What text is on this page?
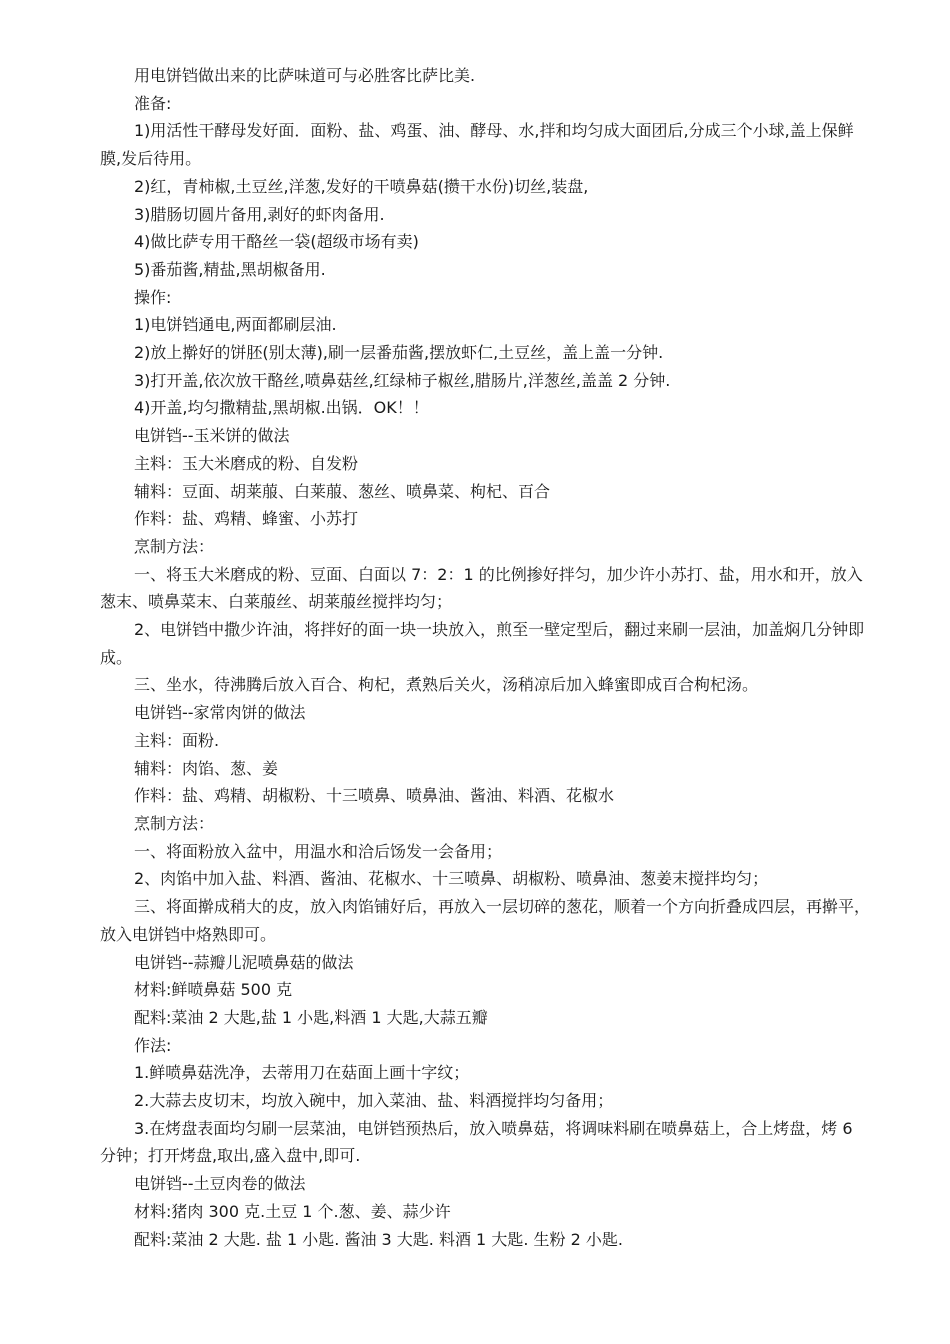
用电饼铛做出来的比萨味道可与必胜客比萨比美.

准备:

1)用活性干酵母发好面．面粉、盐、鸡蛋、油、酵母、水,拌和均匀成大面团后,分成三个小球,盖上保鲜膜,发后待用。

2)红，青柿椒,土豆丝,洋葱,发好的干喷鼻菇(攒干水份)切丝,装盘,

3)腊肠切圆片备用,剥好的虾肉备用.

4)做比萨专用干酪丝一袋(超级市场有卖)

5)番茄酱,精盐,黑胡椒备用.

操作:

1)电饼铛通电,两面都刷层油.

2)放上擀好的饼胚(别太薄),刷一层番茄酱,摆放虾仁,土豆丝，盖上盖一分钟.

3)打开盖,依次放干酪丝,喷鼻菇丝,红绿柿子椒丝,腊肠片,洋葱丝,盖盖 2 分钟.

4)开盖,均匀撒精盐,黑胡椒.出锅．OK！！

电饼铛--玉米饼的做法

主料：玉大米磨成的粉、自发粉

辅料：豆面、胡莱菔、白莱菔、葱丝、喷鼻菜、枸杞、百合

作料：盐、鸡精、蜂蜜、小苏打

烹制方法：

一、将玉大米磨成的粉、豆面、白面以 7：2：1 的比例掺好拌匀，加少许小苏打、盐，用水和开，放入葱末、喷鼻菜末、白莱菔丝、胡莱菔丝搅拌均匀；

2、电饼铛中撒少许油，将拌好的面一块一块放入，煎至一壁定型后，翻过来刷一层油，加盖焖几分钟即成。

三、坐水，待沸腾后放入百合、枸杞，煮熟后关火，汤稍凉后加入蜂蜜即成百合枸杞汤。

电饼铛--家常肉饼的做法

主料：面粉.

辅料：肉馅、葱、姜

作料：盐、鸡精、胡椒粉、十三喷鼻、喷鼻油、酱油、料酒、花椒水

烹制方法：

一、将面粉放入盆中，用温水和洽后饧发一会备用；

2、肉馅中加入盐、料酒、酱油、花椒水、十三喷鼻、胡椒粉、喷鼻油、葱姜末搅拌均匀；

三、将面擀成稍大的皮，放入肉馅铺好后，再放入一层切碎的葱花，顺着一个方向折叠成四层，再擀平，放入电饼铛中烙熟即可。

电饼铛--蒜瓣儿泥喷鼻菇的做法

材料:鲜喷鼻菇 500 克

配料:菜油 2 大匙,盐 1 小匙,料酒 1 大匙,大蒜五瓣

作法:

1.鲜喷鼻菇洗净，去蒂用刀在菇面上画十字纹；

2.大蒜去皮切末，均放入碗中，加入菜油、盐、料酒搅拌均匀备用；

3.在烤盘表面均匀刷一层菜油，电饼铛预热后，放入喷鼻菇，将调味料刷在喷鼻菇上，合上烤盘，烤 6 分钟；打开烤盘,取出,盛入盘中,即可.

电饼铛--土豆肉卷的做法

材料:猪肉 300 克.土豆 1 个.葱、姜、蒜少许

配料:菜油 2 大匙. 盐 1 小匙. 酱油 3 大匙. 料酒 1 大匙. 生粉 2 小匙.
